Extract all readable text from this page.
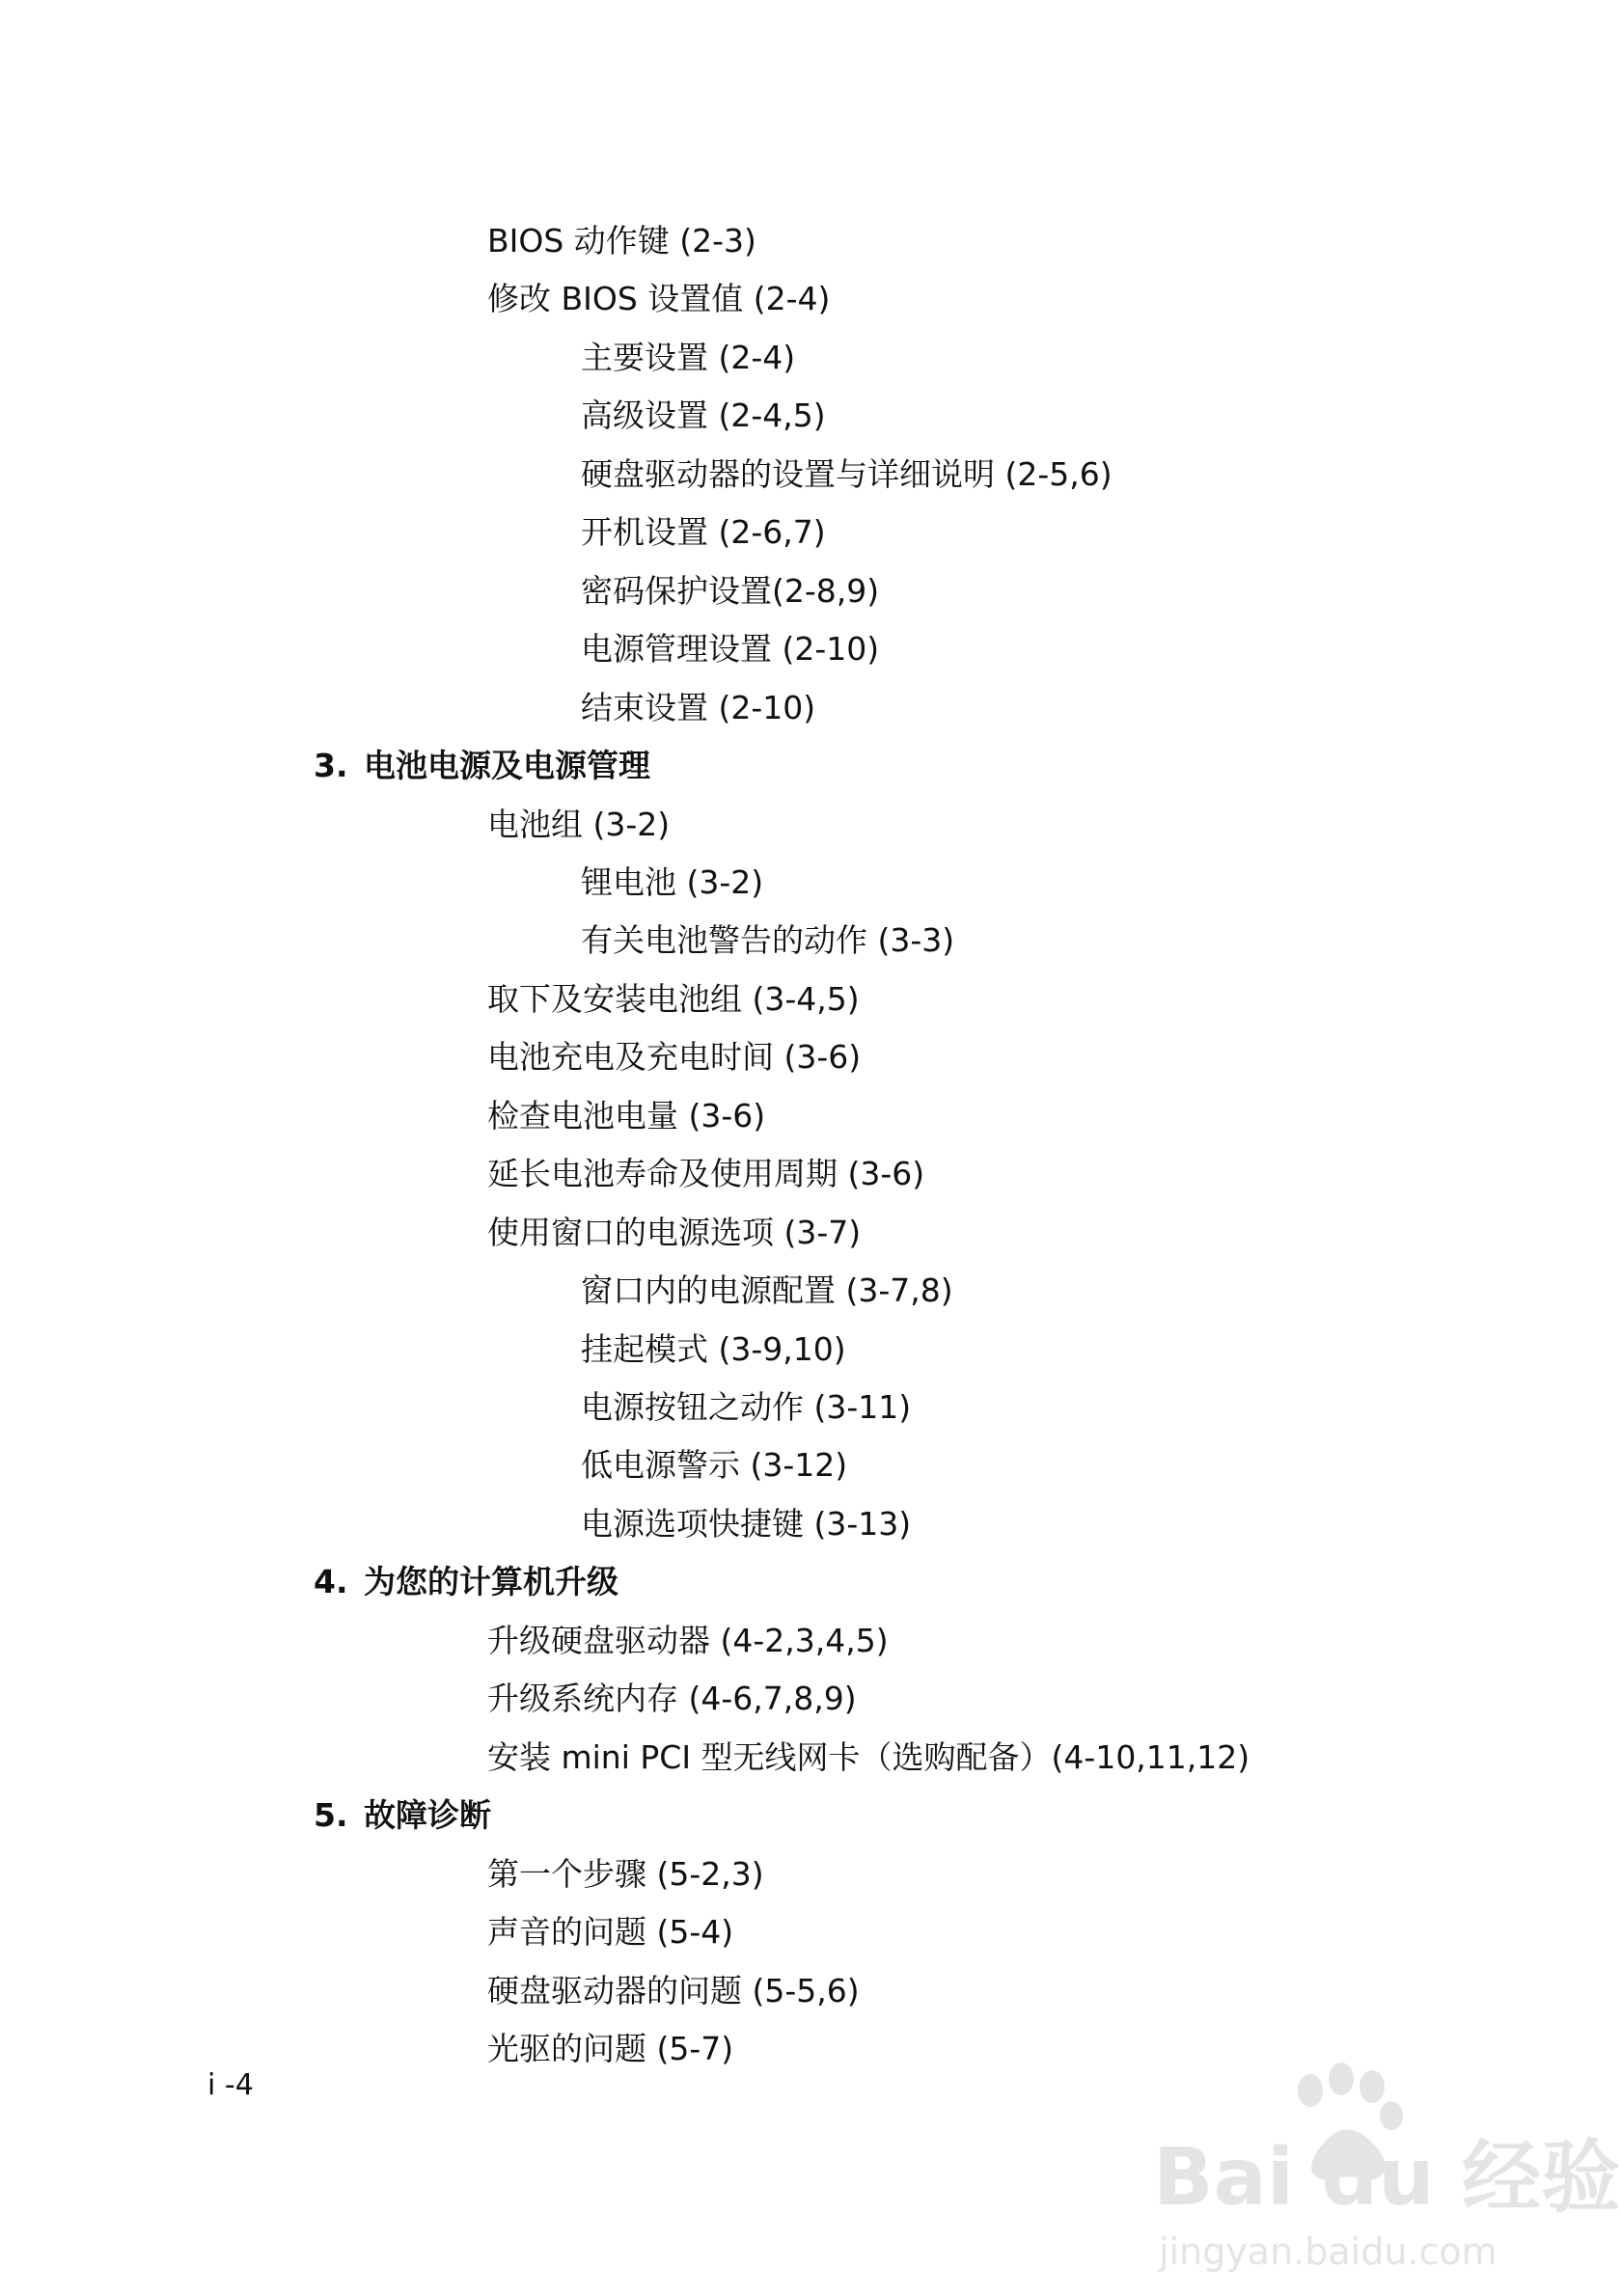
BIOS 动作键 (2-3)
修改 BIOS 设置值 (2-4)
主要设置 (2-4)
高级设置 (2-4,5)
硬盘驱动器的设置与详细说明 (2-5,6)
开机设置 (2-6,7)
密码保护设置(2-8,9)
电源管理设置 (2-10)
结束设置 (2-10)
3. 电池电源及电源管理
电池组 (3-2)
锂电池 (3-2)
有关电池警告的动作 (3-3)
取下及安装电池组 (3-4,5)
电池充电及充电时间 (3-6)
检查电池电量 (3-6)
延长电池寿命及使用周期 (3-6)
使用窗口的电源选项 (3-7)
窗口内的电源配置 (3-7,8)
挂起模式 (3-9,10)
电源按钮之动作 (3-11)
低电源警示 (3-12)
电源选项快捷键 (3-13)
4. 为您的计算机升级
升级硬盘驱动器 (4-2,3,4,5)
升级系统内存 (4-6,7,8,9)
安装 mini PCI 型无线网卡（选购配备）(4-10,11,12)
5. 故障诊断
第一个步骤 (5-2,3)
声音的问题 (5-4)
硬盘驱动器的问题 (5-5,6)
光驱的问题 (5-7)
i -4
Bai du 经验
jingyan.baidu.com
